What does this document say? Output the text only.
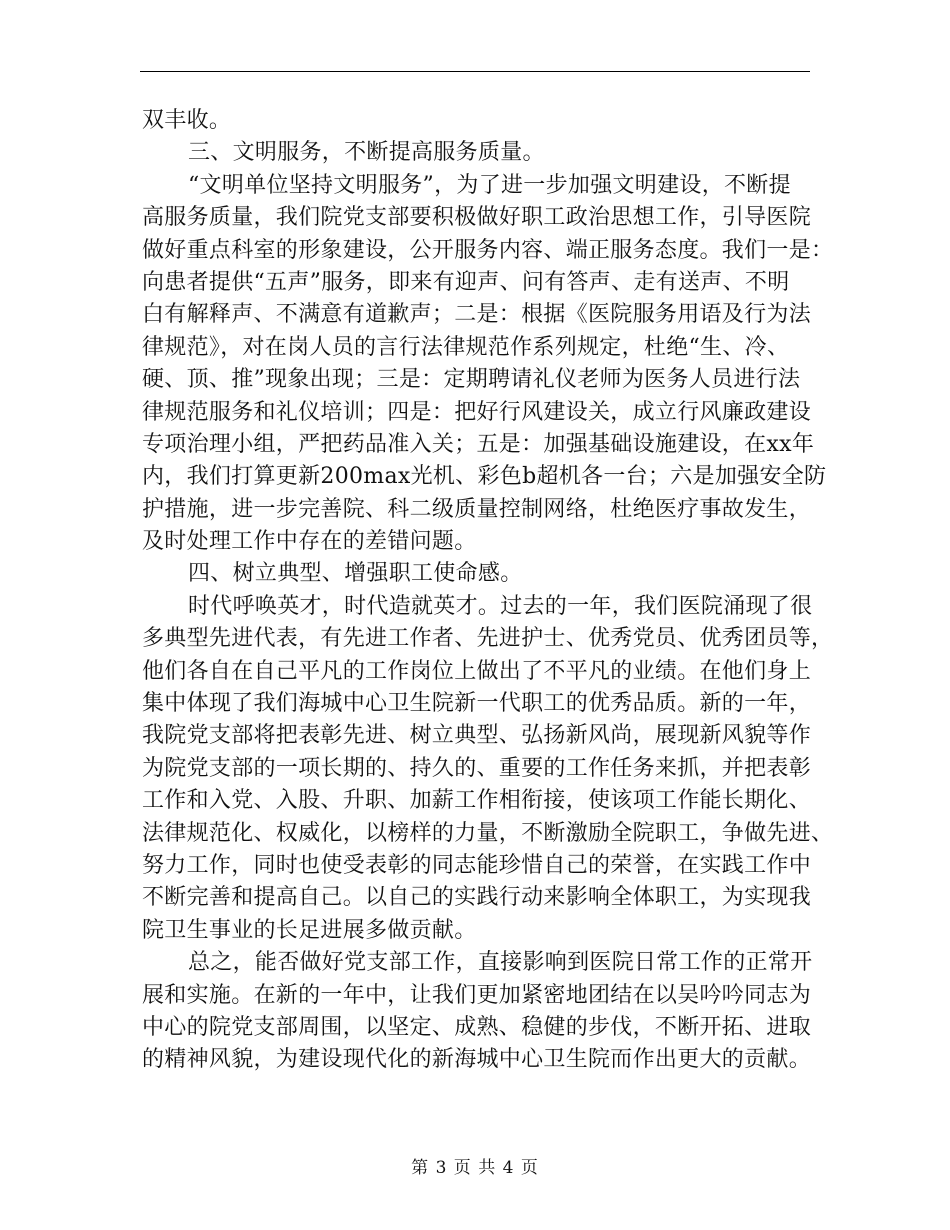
双丰收。
三、文明服务，不断提高服务质量。
“文明单位坚持文明服务”，为了进一步加强文明建设，不断提
高服务质量，我们院党支部要积极做好职工政治思想工作，引导医院
做好重点科室的形象建设，公开服务内容、端正服务态度。我们一是：
向患者提供“五声”服务，即来有迎声、问有答声、走有送声、不明
白有解释声、不满意有道歉声；二是：根据《医院服务用语及行为法
律规范》，对在岗人员的言行法律规范作系列规定，杜绝“生、冷、
硬、顶、推”现象出现；三是：定期聘请礼仪老师为医务人员进行法
律规范服务和礼仪培训；四是：把好行风建设关，成立行风廉政建设
专项治理小组，严把药品准入关；五是：加强基础设施建设，在xx年
内，我们打算更新200max光机、彩色b超机各一台；六是加强安全防
护措施，进一步完善院、科二级质量控制网络，杜绝医疗事故发生，
及时处理工作中存在的差错问题。
四、树立典型、增强职工使命感。
时代呼唤英才，时代造就英才。过去的一年，我们医院涌现了很
多典型先进代表，有先进工作者、先进护士、优秀党员、优秀团员等，
他们各自在自己平凡的工作岗位上做出了不平凡的业绩。在他们身上
集中体现了我们海城中心卫生院新一代职工的优秀品质。新的一年，
我院党支部将把表彰先进、树立典型、弘扬新风尚，展现新风貌等作
为院党支部的一项长期的、持久的、重要的工作任务来抓，并把表彰
工作和入党、入股、升职、加薪工作相衔接，使该项工作能长期化、
法律规范化、权威化，以榜样的力量，不断激励全院职工，争做先进、
努力工作，同时也使受表彰的同志能珍惜自己的荣誉，在实践工作中
不断完善和提高自己。以自己的实践行动来影响全体职工，为实现我
院卫生事业的长足进展多做贡献。
总之，能否做好党支部工作，直接影响到医院日常工作的正常开
展和实施。在新的一年中，让我们更加紧密地团结在以吴吟吟同志为
中心的院党支部周围，以坚定、成熟、稳健的步伐，不断开拓、进取
的精神风貌，为建设现代化的新海城中心卫生院而作出更大的贡献。
第 3 页 共 4 页
